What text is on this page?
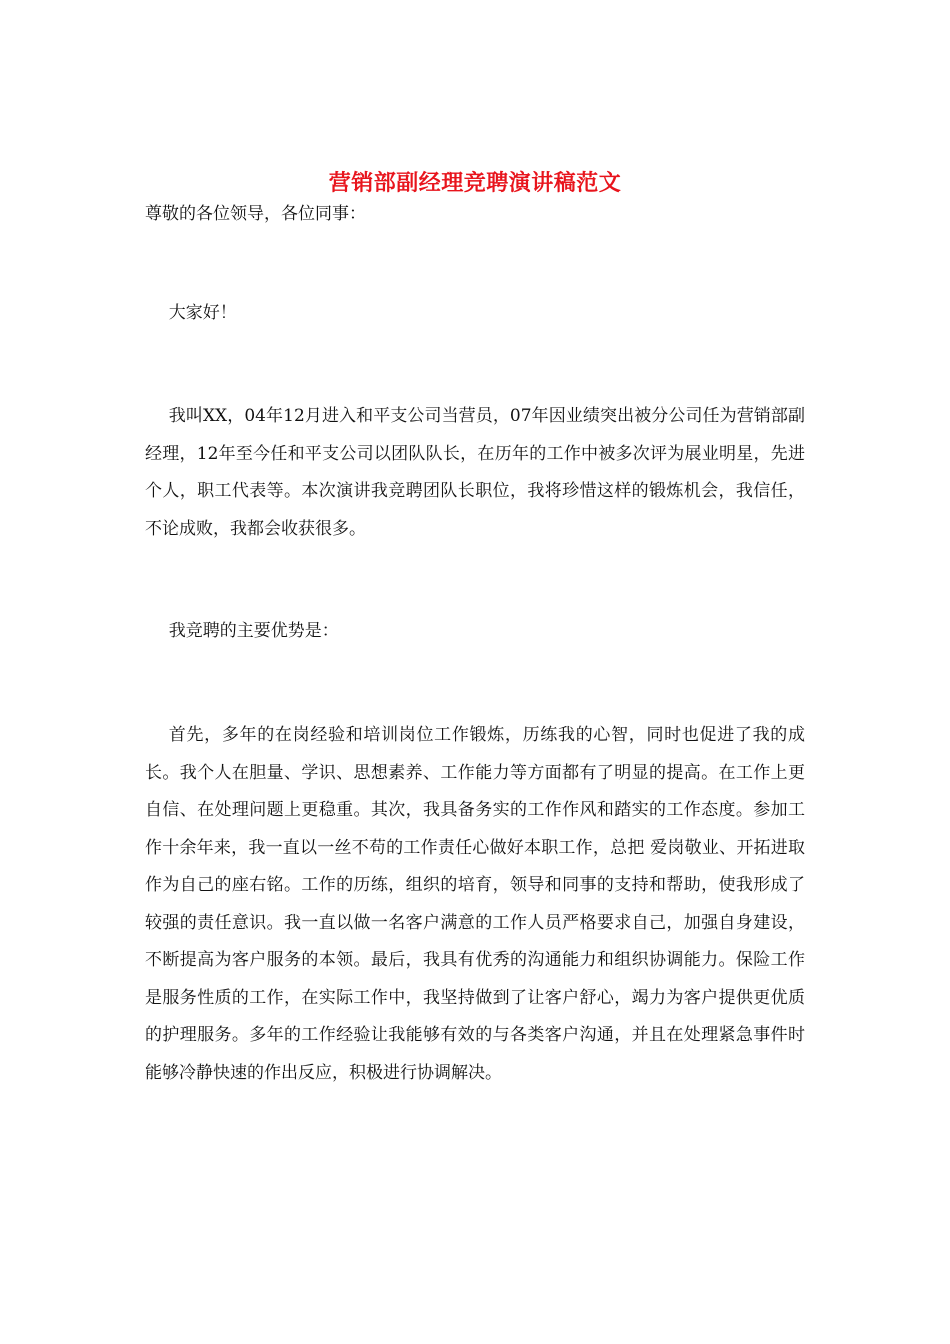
营销部副经理竞聘演讲稿范文

尊敬的各位领导，各位同事：

大家好！

我叫XX，04年12月进入和平支公司当营员，07年因业绩突出被分公司任为营销部副经理，12年至今任和平支公司以团队队长，在历年的工作中被多次评为展业明星，先进个人，职工代表等。本次演讲我竞聘团队长职位，我将珍惜这样的锻炼机会，我信任，不论成败，我都会收获很多。

我竞聘的主要优势是：

首先，多年的在岗经验和培训岗位工作锻炼，历练我的心智，同时也促进了我的成长。我个人在胆量、学识、思想素养、工作能力等方面都有了明显的提高。在工作上更自信、在处理问题上更稳重。其次，我具备务实的工作作风和踏实的工作态度。参加工作十余年来，我一直以一丝不苟的工作责任心做好本职工作，总把 爱岗敬业、开拓进取 作为自己的座右铭。工作的历练，组织的培育，领导和同事的支持和帮助，使我形成了较强的责任意识。我一直以做一名客户满意的工作人员严格要求自己，加强自身建设，不断提高为客户服务的本领。最后，我具有优秀的沟通能力和组织协调能力。保险工作是服务性质的工作，在实际工作中，我坚持做到了让客户舒心，竭力为客户提供更优质的护理服务。多年的工作经验让我能够有效的与各类客户沟通，并且在处理紧急事件时能够冷静快速的作出反应，积极进行协调解决。
